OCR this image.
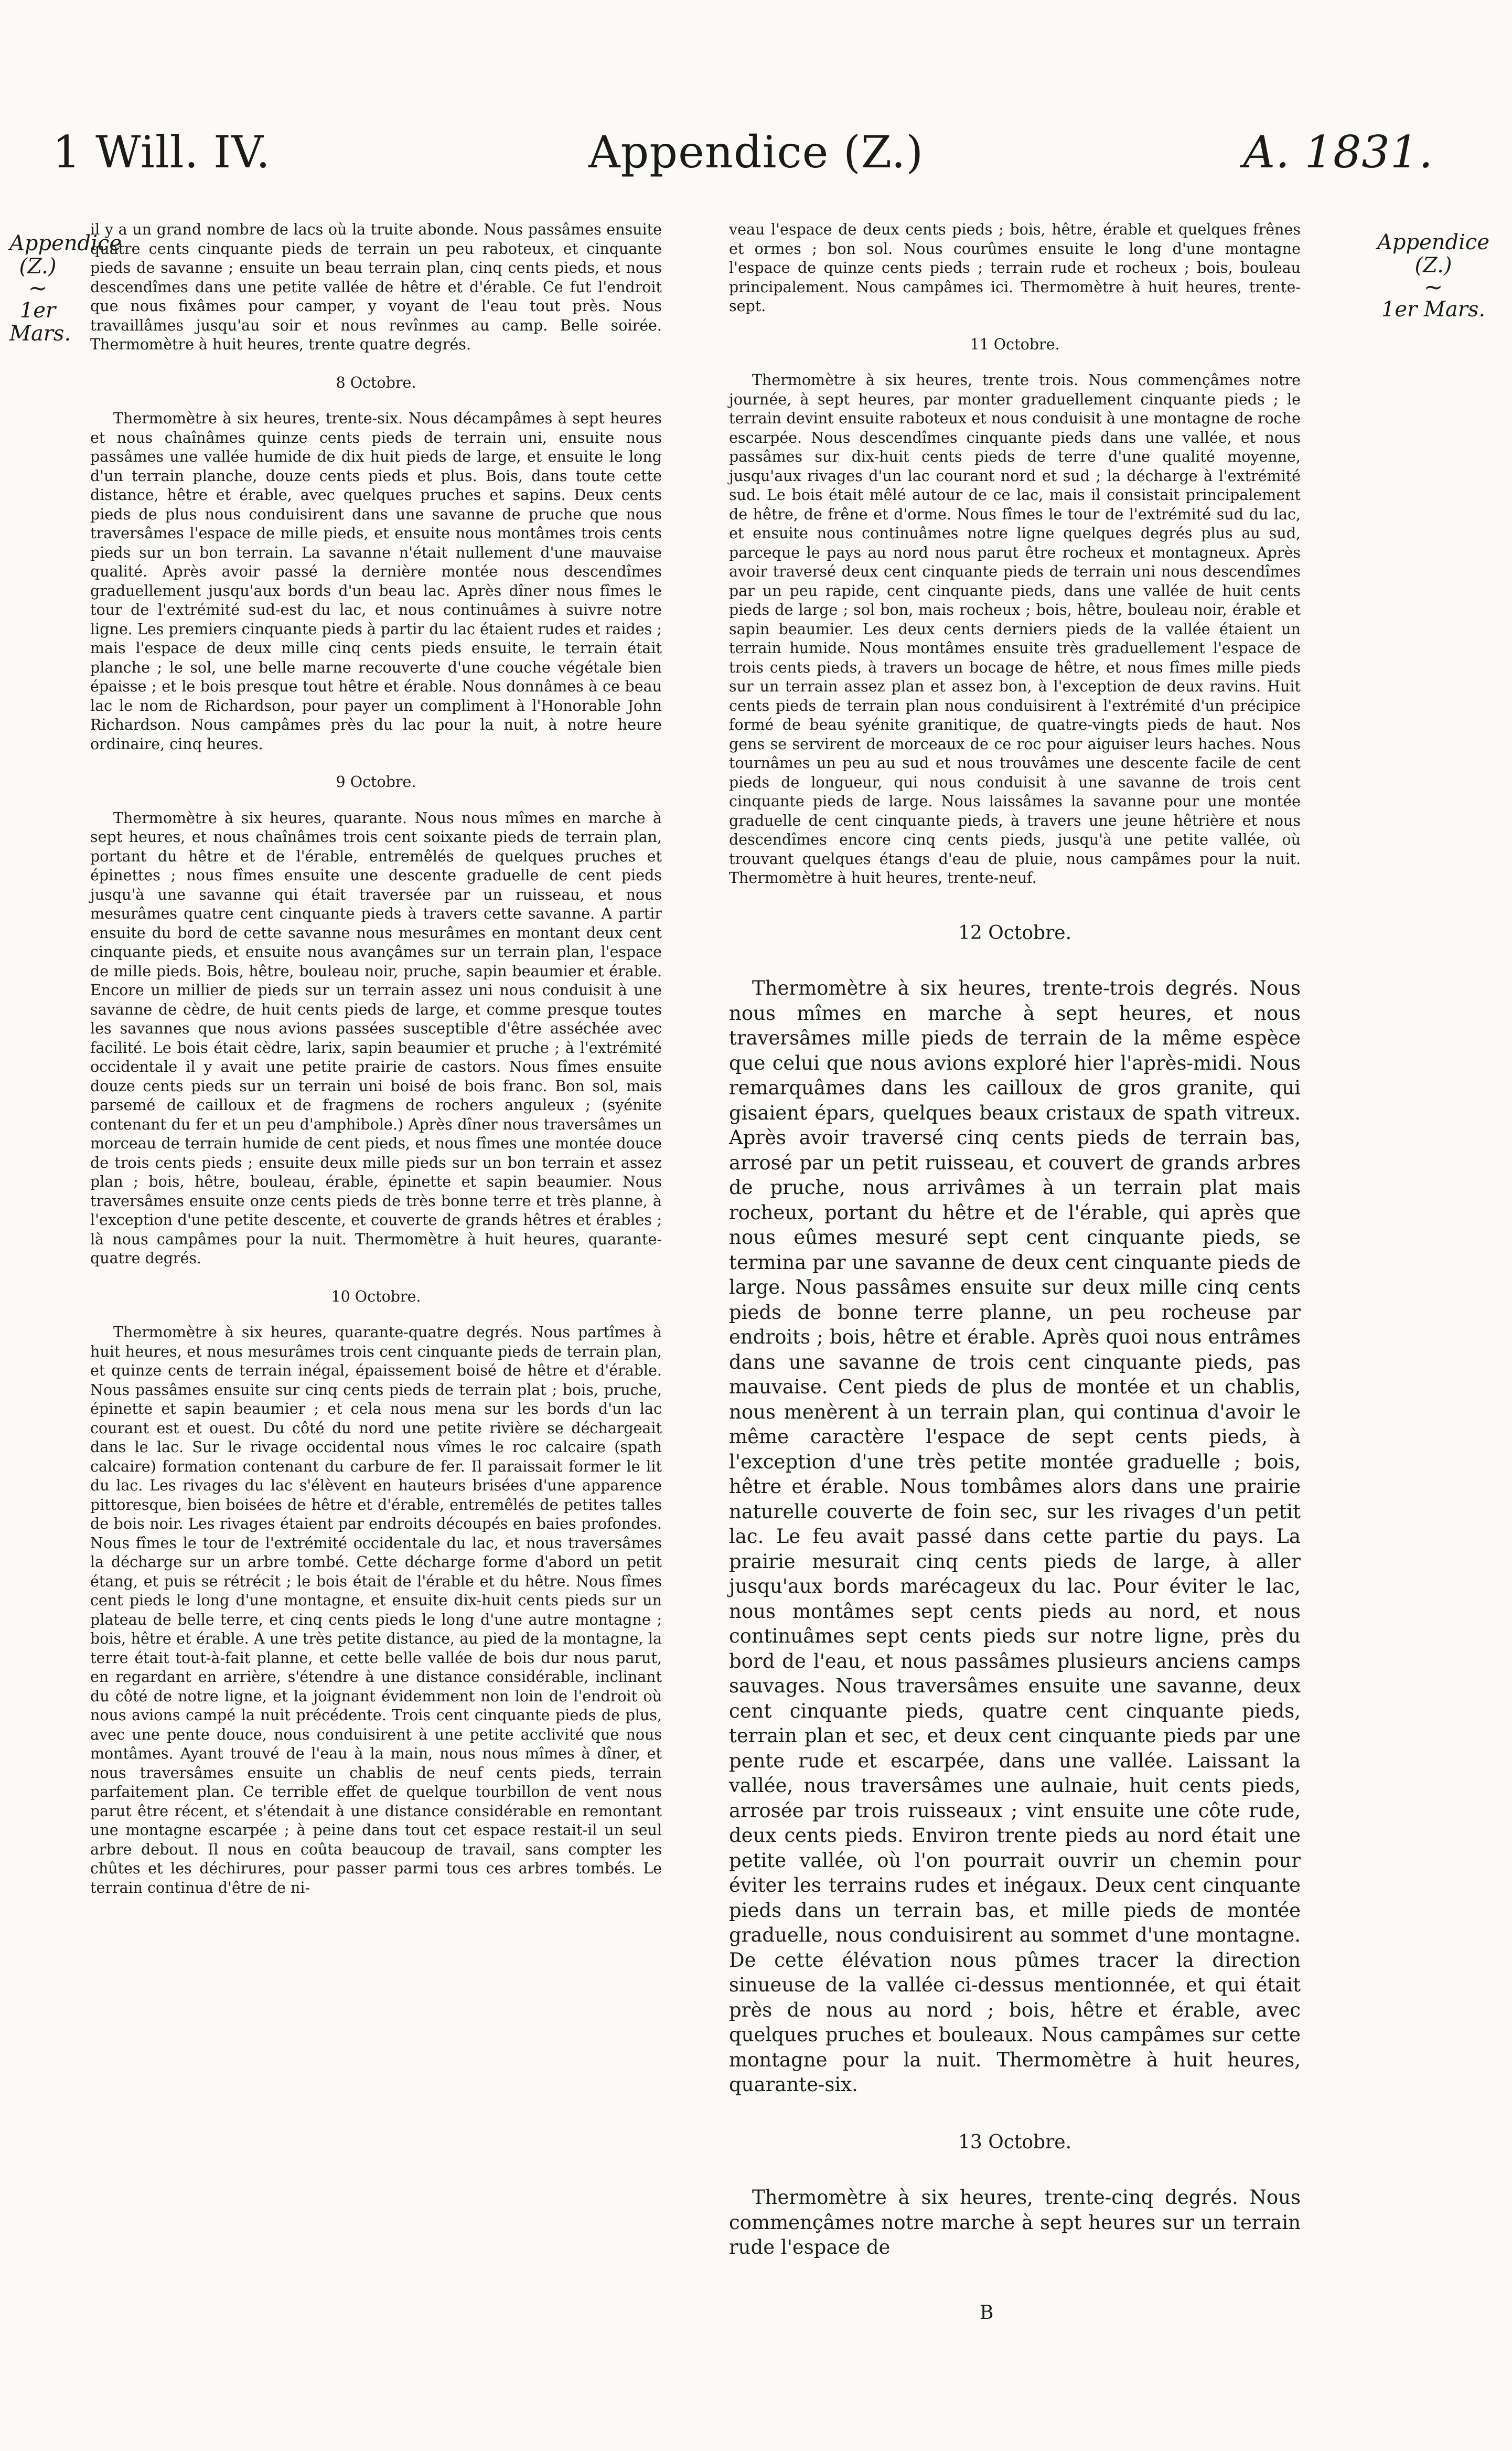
1 Will. IV.	Appendice (Z.)	A. 1831.
Appendice
(Z.)
~
1er Mars.
Appendice
(Z.)
~
1er Mars.

il y a un grand nombre de lacs où la truite abonde. Nous passâmes ensuite quatre cents cinquante pieds de terrain un peu raboteux, et cinquante pieds de savanne ; ensuite un beau terrain plan, cinq cents pieds, et nous descendîmes dans une petite vallée de hêtre et d'érable. Ce fut l'endroit que nous fixâmes pour camper, y voyant de l'eau tout près. Nous travaillâmes jusqu'au soir et nous revînmes au camp. Belle soirée. Thermomètre à huit heures, trente quatre degrés.

8 Octobre.

Thermomètre à six heures, trente-six. Nous décampâmes à sept heures et nous chaînâmes quinze cents pieds de terrain uni, ensuite nous passâmes une vallée humide de dix huit pieds de large, et ensuite le long d'un terrain planche, douze cents pieds et plus. Bois, dans toute cette distance, hêtre et érable, avec quelques pruches et sapins. Deux cents pieds de plus nous conduisirent dans une savanne de pruche que nous traversâmes l'espace de mille pieds, et ensuite nous montâmes trois cents pieds sur un bon terrain. La savanne n'était nullement d'une mauvaise qualité. Après avoir passé la dernière montée nous descendîmes graduellement jusqu'aux bords d'un beau lac. Après dîner nous fîmes le tour de l'extrémité sud-est du lac, et nous continuâmes à suivre notre ligne. Les premiers cinquante pieds à partir du lac étaient rudes et raides ; mais l'espace de deux mille cinq cents pieds ensuite, le terrain était planche ; le sol, une belle marne recouverte d'une couche végétale bien épaisse ; et le bois presque tout hêtre et érable. Nous donnâmes à ce beau lac le nom de Richardson, pour payer un compliment à l'Honorable John Richardson. Nous campâmes près du lac pour la nuit, à notre heure ordinaire, cinq heures.

9 Octobre.

Thermomètre à six heures, quarante. Nous nous mîmes en marche à sept heures, et nous chaînâmes trois cent soixante pieds de terrain plan, portant du hêtre et de l'érable, entremêlés de quelques pruches et épinettes ; nous fîmes ensuite une descente graduelle de cent pieds jusqu'à une savanne qui était traversée par un ruisseau, et nous mesurâmes quatre cent cinquante pieds à travers cette savanne. A partir ensuite du bord de cette savanne nous mesurâmes en montant deux cent cinquante pieds, et ensuite nous avançâmes sur un terrain plan, l'espace de mille pieds. Bois, hêtre, bouleau noir, pruche, sapin beaumier et érable. Encore un millier de pieds sur un terrain assez uni nous conduisit à une savanne de cèdre, de huit cents pieds de large, et comme presque toutes les savannes que nous avions passées susceptible d'être asséchée avec facilité. Le bois était cèdre, larix, sapin beaumier et pruche ; à l'extrémité occidentale il y avait une petite prairie de castors. Nous fîmes ensuite douze cents pieds sur un terrain uni boisé de bois franc. Bon sol, mais parsemé de cailloux et de fragmens de rochers anguleux ; (syénite contenant du fer et un peu d'amphibole.) Après dîner nous traversâmes un morceau de terrain humide de cent pieds, et nous fîmes une montée douce de trois cents pieds ; ensuite deux mille pieds sur un bon terrain et assez plan ; bois, hêtre, bouleau, érable, épinette et sapin beaumier. Nous traversâmes ensuite onze cents pieds de très bonne terre et très planne, à l'exception d'une petite descente, et couverte de grands hêtres et érables ; là nous campâmes pour la nuit. Thermomètre à huit heures, quarante-quatre degrés.

10 Octobre.

Thermomètre à six heures, quarante-quatre degrés. Nous partîmes à huit heures, et nous mesurâmes trois cent cinquante pieds de terrain plan, et quinze cents de terrain inégal, épaissement boisé de hêtre et d'érable. Nous passâmes ensuite sur cinq cents pieds de terrain plat ; bois, pruche, épinette et sapin beaumier ; et cela nous mena sur les bords d'un lac courant est et ouest. Du côté du nord une petite rivière se déchargeait dans le lac. Sur le rivage occidental nous vîmes le roc calcaire (spath calcaire) formation contenant du carbure de fer. Il paraissait former le lit du lac. Les rivages du lac s'élèvent en hauteurs brisées d'une apparence pittoresque, bien boisées de hêtre et d'érable, entremêlés de petites talles de bois noir. Les rivages étaient par endroits découpés en baies profondes. Nous fîmes le tour de l'extrémité occidentale du lac, et nous traversâmes la décharge sur un arbre tombé. Cette décharge forme d'abord un petit étang, et puis se rétrécit ; le bois était de l'érable et du hêtre. Nous fîmes cent pieds le long d'une montagne, et ensuite dix-huit cents pieds sur un plateau de belle terre, et cinq cents pieds le long d'une autre montagne ; bois, hêtre et érable. A une très petite distance, au pied de la montagne, la terre était tout-à-fait planne, et cette belle vallée de bois dur nous parut, en regardant en arrière, s'étendre à une distance considérable, inclinant du côté de notre ligne, et la joignant évidemment non loin de l'endroit où nous avions campé la nuit précédente. Trois cent cinquante pieds de plus, avec une pente douce, nous conduisirent à une petite acclivité que nous montâmes. Ayant trouvé de l'eau à la main, nous nous mîmes à dîner, et nous traversâmes ensuite un chablis de neuf cents pieds, terrain parfaitement plan. Ce terrible effet de quelque tourbillon de vent nous parut être récent, et s'étendait à une distance considérable en remontant une montagne escarpée ; à peine dans tout cet espace restait-il un seul arbre debout. Il nous en coûta beaucoup de travail, sans compter les chûtes et les déchirures, pour passer parmi tous ces arbres tombés. Le terrain continua d'être de ni-

veau l'espace de deux cents pieds ; bois, hêtre, érable et quelques frênes et ormes ; bon sol. Nous courûmes ensuite le long d'une montagne l'espace de quinze cents pieds ; terrain rude et rocheux ; bois, bouleau principalement. Nous campâmes ici. Thermomètre à huit heures, trente-sept.

11 Octobre.

Thermomètre à six heures, trente trois. Nous commençâmes notre journée, à sept heures, par monter graduellement cinquante pieds ; le terrain devint ensuite raboteux et nous conduisit à une montagne de roche escarpée. Nous descendîmes cinquante pieds dans une vallée, et nous passâmes sur dix-huit cents pieds de terre d'une qualité moyenne, jusqu'aux rivages d'un lac courant nord et sud ; la décharge à l'extrémité sud. Le bois était mêlé autour de ce lac, mais il consistait principalement de hêtre, de frêne et d'orme. Nous fîmes le tour de l'extrémité sud du lac, et ensuite nous continuâmes notre ligne quelques degrés plus au sud, parceque le pays au nord nous parut être rocheux et montagneux. Après avoir traversé deux cent cinquante pieds de terrain uni nous descendîmes par un peu rapide, cent cinquante pieds, dans une vallée de huit cents pieds de large ; sol bon, mais rocheux ; bois, hêtre, bouleau noir, érable et sapin beaumier. Les deux cents derniers pieds de la vallée étaient un terrain humide. Nous montâmes ensuite très graduellement l'espace de trois cents pieds, à travers un bocage de hêtre, et nous fîmes mille pieds sur un terrain assez plan et assez bon, à l'exception de deux ravins. Huit cents pieds de terrain plan nous conduisirent à l'extrémité d'un précipice formé de beau syénite granitique, de quatre-vingts pieds de haut. Nos gens se servirent de morceaux de ce roc pour aiguiser leurs haches. Nous tournâmes un peu au sud et nous trouvâmes une descente facile de cent pieds de longueur, qui nous conduisit à une savanne de trois cent cinquante pieds de large. Nous laissâmes la savanne pour une montée graduelle de cent cinquante pieds, à travers une jeune hêtrière et nous descendîmes encore cinq cents pieds, jusqu'à une petite vallée, où trouvant quelques étangs d'eau de pluie, nous campâmes pour la nuit. Thermomètre à huit heures, trente-neuf.

12 Octobre.

Thermomètre à six heures, trente-trois degrés. Nous nous mîmes en marche à sept heures, et nous traversâmes mille pieds de terrain de la même espèce que celui que nous avions exploré hier l'après-midi. Nous remarquâmes dans les cailloux de gros granite, qui gisaient épars, quelques beaux cristaux de spath vitreux. Après avoir traversé cinq cents pieds de terrain bas, arrosé par un petit ruisseau, et couvert de grands arbres de pruche, nous arrivâmes à un terrain plat mais rocheux, portant du hêtre et de l'érable, qui après que nous eûmes mesuré sept cent cinquante pieds, se termina par une savanne de deux cent cinquante pieds de large. Nous passâmes ensuite sur deux mille cinq cents pieds de bonne terre planne, un peu rocheuse par endroits ; bois, hêtre et érable. Après quoi nous entrâmes dans une savanne de trois cent cinquante pieds, pas mauvaise. Cent pieds de plus de montée et un chablis, nous menèrent à un terrain plan, qui continua d'avoir le même caractère l'espace de sept cents pieds, à l'exception d'une très petite montée graduelle ; bois, hêtre et érable. Nous tombâmes alors dans une prairie naturelle couverte de foin sec, sur les rivages d'un petit lac. Le feu avait passé dans cette partie du pays. La prairie mesurait cinq cents pieds de large, à aller jusqu'aux bords marécageux du lac. Pour éviter le lac, nous montâmes sept cents pieds au nord, et nous continuâmes sept cents pieds sur notre ligne, près du bord de l'eau, et nous passâmes plusieurs anciens camps sauvages. Nous traversâmes ensuite une savanne, deux cent cinquante pieds, quatre cent cinquante pieds, terrain plan et sec, et deux cent cinquante pieds par une pente rude et escarpée, dans une vallée. Laissant la vallée, nous traversâmes une aulnaie, huit cents pieds, arrosée par trois ruisseaux ; vint ensuite une côte rude, deux cents pieds. Environ trente pieds au nord était une petite vallée, où l'on pourrait ouvrir un chemin pour éviter les terrains rudes et inégaux. Deux cent cinquante pieds dans un terrain bas, et mille pieds de montée graduelle, nous conduisirent au sommet d'une montagne. De cette élévation nous pûmes tracer la direction sinueuse de la vallée ci-dessus mentionnée, et qui était près de nous au nord ; bois, hêtre et érable, avec quelques pruches et bouleaux. Nous campâmes sur cette montagne pour la nuit. Thermomètre à huit heures, quarante-six.

13 Octobre.

Thermomètre à six heures, trente-cinq degrés. Nous commençâmes notre marche à sept heures sur un terrain rude l'espace de

B
